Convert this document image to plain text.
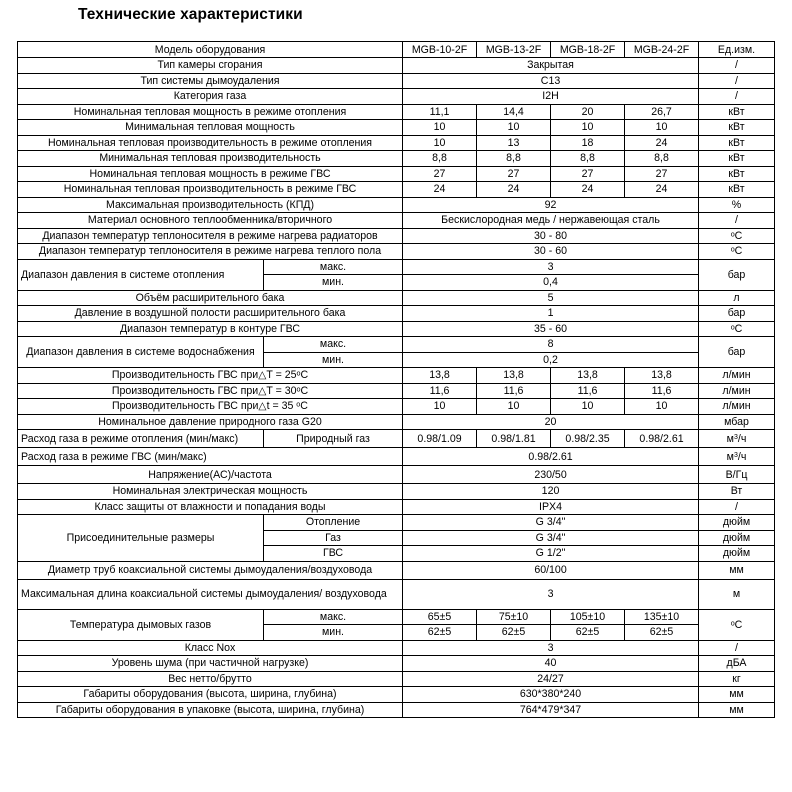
Технические характеристики
Модель оборудования		MGB-10-2F	MGB-13-2F	MGB-18-2F	MGB-24-2F	Ед.изм.
Тип камеры сгорания		Закрытая				/
Тип системы дымоудаления		C13				/
Категория газа		I2H				/
Номинальная тепловая мощность в режиме отопления		11,1	14,4	20	26,7	кВт
Минимальная тепловая мощность		10	10	10	10	кВт
Номинальная тепловая производительность в режиме отопления		10	13	18	24	кВт
Минимальная тепловая производительность		8,8	8,8	8,8	8,8	кВт
Номинальная тепловая мощность в режиме ГВС		27	27	27	27	кВт
Номинальная тепловая производительность в режиме ГВС		24	24	24	24	кВт
Максимальная производительность (КПД)		92				%
Материал основного теплообменника/вторичного		Бескислородная медь / нержавеющая сталь				/
Диапазон температур теплоносителя в режиме нагрева радиаторов		30 - 80				ᵒС
Диапазон температур теплоносителя в режиме нагрева теплого пола		30 - 60				ᵒС
Диапазон давления в системе отопления	макс.	3				бар
	мин.	0,4				
Объём расширительного бака		5				л
Давление в воздушной полости расширительного бака		1				бар
Диапазон температур в контуре ГВС		35 - 60				ᵒС
Диапазон давления в системе водоснабжения	макс.	8				бар
	мин.	0,2				
Производительность ГВС при△T = 25ᵒС		13,8	13,8	13,8	13,8	л/мин
Производительность ГВС при△T = 30ᵒС		11,6	11,6	11,6	11,6	л/мин
Производительность ГВС при△t = 35 ᵒС		10	10	10	10	л/мин
Номинальное давление природного газа G20		20				мбар
Расход газа в режиме отопления (мин/макс)	Природный газ	0.98/1.09	0.98/1.81	0.98/2.35	0.98/2.61	$м^3/ч$
Расход газа в режиме ГВС (мин/макс)		0.98/2.61				$м^3/ч$
Напряжение(АС)/частота		230/50				В/Гц
Номинальная электрическая мощность		120				Вт
Класс защиты от влажности и попадания воды		IPX4				/
Присоединительные размеры	Отопление	G 3/4"				дюйм
	Газ	G 3/4"				дюйм
	ГВС	G 1/2"				дюйм
Диаметр труб коаксиальной системы дымоудаления/воздуховода		60/100				мм
Максимальная длина коаксиальной системы дымоудаления/ воздуховода		3				м
Температура дымовых газов	макс.	65±5	75±10	105±10	135±10	ᵒС
	мин.	62±5	62±5	62±5	62±5	
Класс Nox		3				/
Уровень шума (при частичной нагрузке)		40				дБА
Вес нетто/брутто		24/27				кг
Габариты оборудования (высота, ширина, глубина)		630*380*240				мм
Габариты оборудования в упаковке (высота, ширина, глубина)		764*479*347				мм
